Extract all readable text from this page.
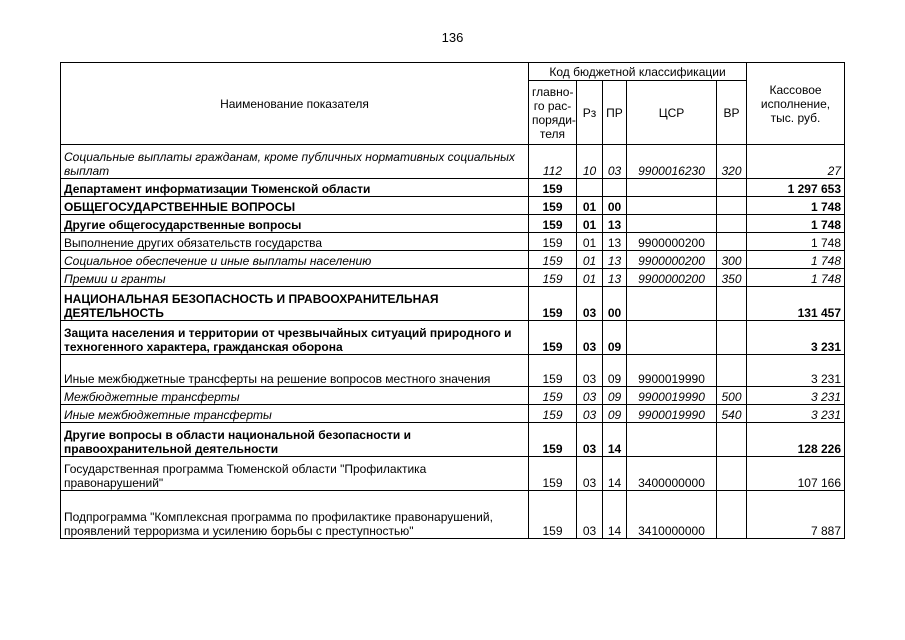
136
Наименование показателя	Код бюджетной классификации					Кассовое исполнение, тыс. руб.
	главно-го рас-поряди-теля	Рз	ПР	ЦСР	ВР	
Социальные выплаты гражданам, кроме публичных нормативных социальных выплат	112	10	03	9900016230	320	27
Департамент информатизации Тюменской области	159					1 297 653
ОБЩЕГОСУДАРСТВЕННЫЕ ВОПРОСЫ	159	01	00			1 748
Другие общегосударственные вопросы	159	01	13			1 748
Выполнение других обязательств государства	159	01	13	9900000200		1 748
Социальное обеспечение и иные выплаты населению	159	01	13	9900000200	300	1 748
Премии и гранты	159	01	13	9900000200	350	1 748
НАЦИОНАЛЬНАЯ БЕЗОПАСНОСТЬ И ПРАВООХРАНИТЕЛЬНАЯ ДЕЯТЕЛЬНОСТЬ	159	03	00			131 457
Защита населения и территории от чрезвычайных ситуаций природного и техногенного характера, гражданская оборона	159	03	09			3 231
Иные межбюджетные трансферты на решение вопросов местного значения	159	03	09	9900019990		3 231
Межбюджетные трансферты	159	03	09	9900019990	500	3 231
Иные межбюджетные трансферты	159	03	09	9900019990	540	3 231
Другие вопросы в области национальной безопасности и правоохранительной деятельности	159	03	14			128 226
Государственная программа Тюменской области "Профилактика правонарушений"	159	03	14	3400000000		107 166
Подпрограмма "Комплексная программа по профилактике правонарушений, проявлений терроризма и усилению борьбы с преступностью"	159	03	14	3410000000		7 887
